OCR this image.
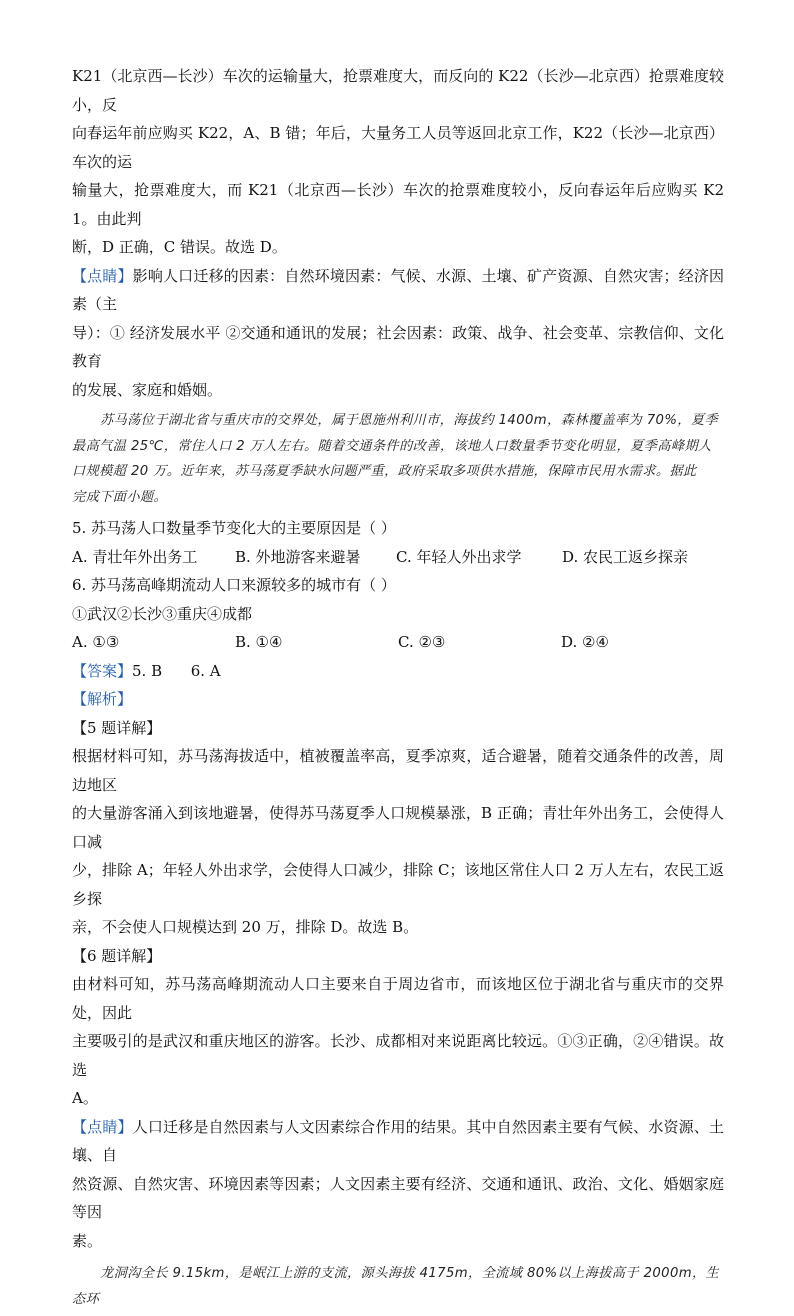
K21（北京西—长沙）车次的运输量大，抢票难度大，而反向的 K22（长沙—北京西）抢票难度较小，反

向春运年前应购买 K22，A、B 错；年后，大量务工人员等返回北京工作，K22（长沙—北京西）车次的运

输量大，抢票难度大，而 K21（北京西—长沙）车次的抢票难度较小，反向春运年后应购买 K21。由此判

断，D 正确，C 错误。故选 D。

【点睛】影响人口迁移的因素：自然环境因素：气候、水源、土壤、矿产资源、自然灾害；经济因素（主

导）：① 经济发展水平 ②交通和通讯的发展；社会因素：政策、战争、社会变革、宗教信仰、文化教育

的发展、家庭和婚姻。

苏马荡位于湖北省与重庆市的交界处，属于恩施州利川市，海拔约 1400m，森林覆盖率为 70%，夏季
最高气温 25℃，常住人口 2 万人左右。随着交通条件的改善，该地人口数量季节变化明显，夏季高峰期人
口规模超 20 万。近年来，苏马荡夏季缺水问题严重，政府采取多项供水措施，保障市民用水需求。据此
完成下面小题。

5. 苏马荡人口数量季节变化大的主要原因是（ ）

A. 青壮年外出务工	B. 外地游客来避暑	C. 年轻人外出求学	D. 农民工返乡探亲

6. 苏马荡高峰期流动人口来源较多的城市有（ ）

①武汉②长沙③重庆④成都

A. ①③	B. ①④	C. ②③	D. ②④

【答案】5. B      6. A

【解析】

【5 题详解】

根据材料可知，苏马荡海拔适中，植被覆盖率高，夏季凉爽，适合避暑，随着交通条件的改善，周边地区

的大量游客涌入到该地避暑，使得苏马荡夏季人口规模暴涨，B 正确；青壮年外出务工，会使得人口减

少，排除 A；年轻人外出求学，会使得人口减少，排除 C；该地区常住人口 2 万人左右，农民工返乡探

亲，不会使人口规模达到 20 万，排除 D。故选 B。

【6 题详解】

由材料可知，苏马荡高峰期流动人口主要来自于周边省市，而该地区位于湖北省与重庆市的交界处，因此

主要吸引的是武汉和重庆地区的游客。长沙、成都相对来说距离比较远。①③正确，②④错误。故选

A。

【点睛】人口迁移是自然因素与人文因素综合作用的结果。其中自然因素主要有气候、水资源、土壤、自

然资源、自然灾害、环境因素等因素；人文因素主要有经济、交通和通讯、政治、文化、婚姻家庭等因

素。

龙洞沟全长 9.15km，是岷江上游的支流，源头海拔 4175m，全流域 80%以上海拔高于 2000m，生态环
